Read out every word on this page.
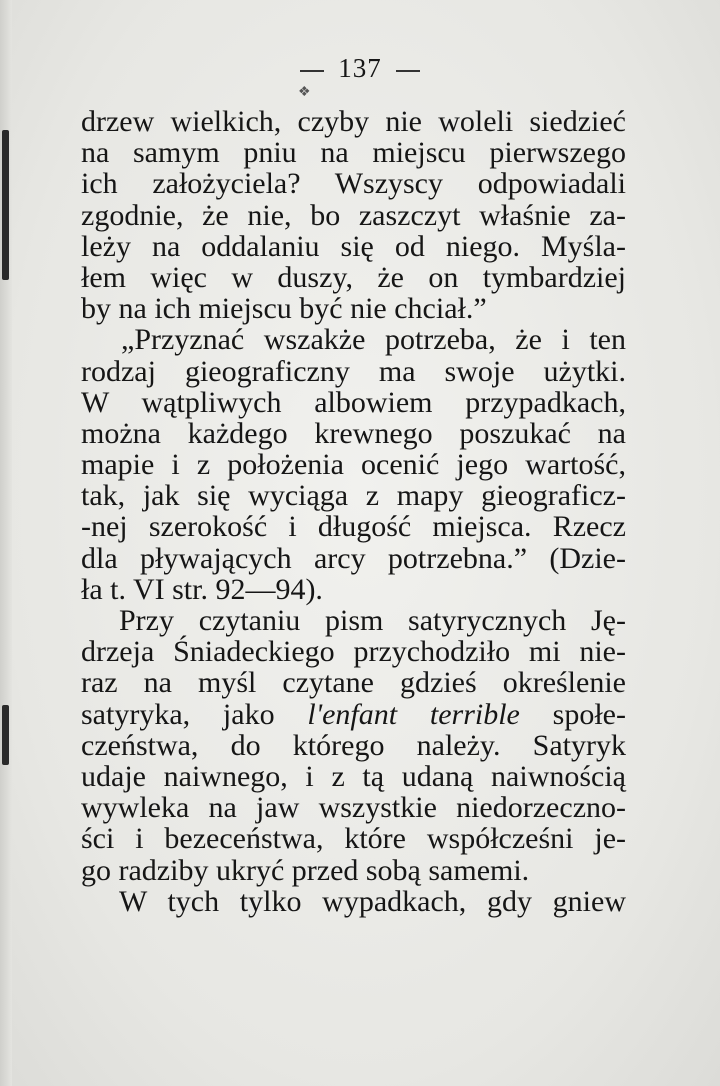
137
❖
drzew wielkich, czyby nie woleli siedzieć
na samym pniu na miejscu pierwszego
ich założyciela? Wszyscy odpowiadali
zgodnie, że nie, bo zaszczyt właśnie za-
leży na oddalaniu się od niego. Myśla-
łem więc w duszy, że on tymbardziej
by na ich miejscu być nie chciał.”
„Przyznać wszakże potrzeba, że i ten
rodzaj gieograficzny ma swoje użytki.
W wątpliwych albowiem przypadkach,
można każdego krewnego poszukać na
mapie i z położenia ocenić jego wartość,
tak, jak się wyciąga z mapy gieograficz-
-nej szerokość i długość miejsca. Rzecz
dla pływających arcy potrzebna.” (Dzie-
ła t. VI str. 92—94).
Przy czytaniu pism satyrycznych Ję-
drzeja Śniadeckiego przychodziło mi nie-
raz na myśl czytane gdzieś określenie
satyryka, jako l'enfant terrible społe-
czeństwa, do którego należy. Satyryk
udaje naiwnego, i z tą udaną naiwnością
wywleka na jaw wszystkie niedorzeczno-
ści i bezeceństwa, które współcześni je-
go radziby ukryć przed sobą samemi.
W tych tylko wypadkach, gdy gniew
